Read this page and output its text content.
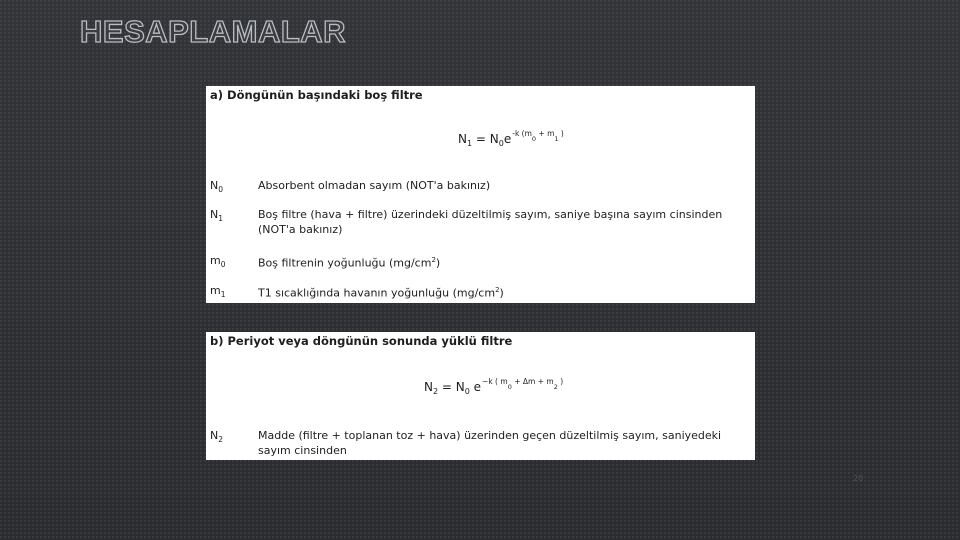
HESAPLAMALAR
a) Döngünün başındaki boş filtre
$N_1 = N_0e^{-k (m0 + m1 )}$
$N_0$	Absorbent olmadan sayım (NOT'a bakınız)
$N_1$	Boş filtre (hava + filtre) üzerindeki düzeltilmiş sayım, saniye başına sayım cinsinden (NOT'a bakınız)
$m_0$	Boş filtrenin yoğunluğu $(mg/cm^2)$
$m_1$	T1 sıcaklığında havanın yoğunluğu $(mg/cm^2)$
b) Periyot veya döngünün sonunda yüklü filtre
$N_2 = N_0$ $e^{-k ( m0 + \Delta m + m2 )}$
$N_2$	Madde (filtre + toplanan toz + hava) üzerinden geçen düzeltilmiş sayım, saniyedeki sayım cinsinden
20
